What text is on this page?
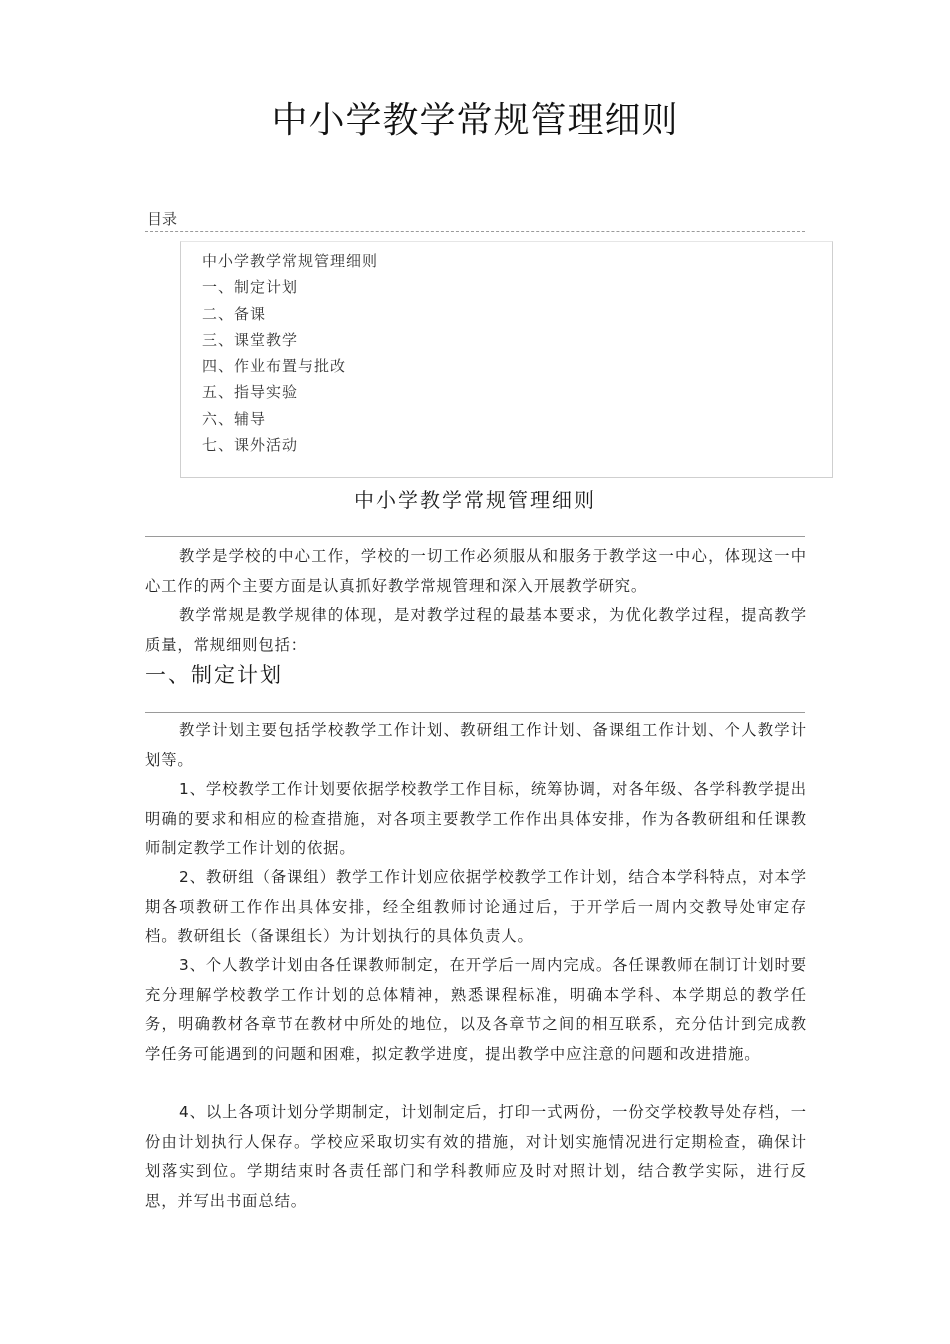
中小学教学常规管理细则
目录
中小学教学常规管理细则
一、制定计划
二、备课
三、课堂教学
四、作业布置与批改
五、指导实验
六、辅导
七、课外活动
中小学教学常规管理细则

教学是学校的中心工作，学校的一切工作必须服从和服务于教学这一中心，体现这一中心工作的两个主要方面是认真抓好教学常规管理和深入开展教学研究。

教学常规是教学规律的体现，是对教学过程的最基本要求，为优化教学过程，提高教学质量，常规细则包括：

一、制定计划

教学计划主要包括学校教学工作计划、教研组工作计划、备课组工作计划、个人教学计划等。

1、学校教学工作计划要依据学校教学工作目标，统筹协调，对各年级、各学科教学提出明确的要求和相应的检查措施，对各项主要教学工作作出具体安排，作为各教研组和任课教师制定教学工作计划的依据。

2、教研组（备课组）教学工作计划应依据学校教学工作计划，结合本学科特点，对本学期各项教研工作作出具体安排，经全组教师讨论通过后，于开学后一周内交教导处审定存档。教研组长（备课组长）为计划执行的具体负责人。

3、个人教学计划由各任课教师制定，在开学后一周内完成。各任课教师在制订计划时要充分理解学校教学工作计划的总体精神，熟悉课程标准，明确本学科、本学期总的教学任务，明确教材各章节在教材中所处的地位，以及各章节之间的相互联系，充分估计到完成教学任务可能遇到的问题和困难，拟定教学进度，提出教学中应注意的问题和改进措施。

4、以上各项计划分学期制定，计划制定后，打印一式两份，一份交学校教导处存档，一份由计划执行人保存。学校应采取切实有效的措施，对计划实施情况进行定期检查，确保计划落实到位。学期结束时各责任部门和学科教师应及时对照计划，结合教学实际，进行反思，并写出书面总结。
